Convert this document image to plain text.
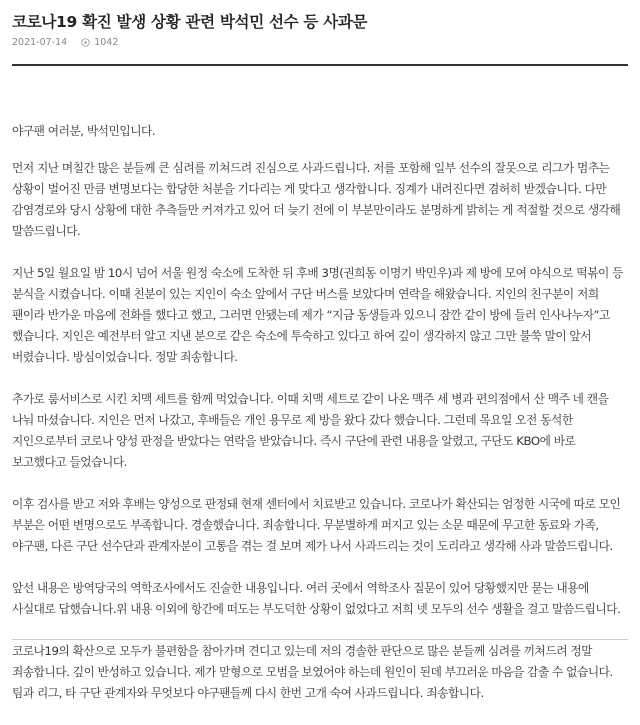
코로나19 확진 발생 상황 관련 박석민 선수 등 사과문
2021-07-14	1042

야구팬 여러분, 박석민입니다.

먼저 지난 며칠간 많은 분들께 큰 심려를 끼쳐드려 진심으로 사과드립니다. 저를 포함해 일부 선수의 잘못으로 리그가 멈추는 상황이 벌어진 만큼 변명보다는 합당한 처분을 기다리는 게 맞다고 생각합니다. 징계가 내려진다면 겸허히 받겠습니다. 다만 감염경로와 당시 상황에 대한 추측들만 커져가고 있어 더 늦기 전에 이 부분만이라도 분명하게 밝히는 게 적절할 것으로 생각해 말씀드립니다.

지난 5일 월요일 밤 10시 넘어 서울 원정 숙소에 도착한 뒤 후배 3명(권희동 이명기 박민우)과 제 방에 모여 야식으로 떡볶이 등 분식을 시켰습니다. 이때 친분이 있는 지인이 숙소 앞에서 구단 버스를 보았다며 연락을 해왔습니다. 지인의 친구분이 저희 팬이라 반가운 마음에 전화를 했다고 했고, 그러면 안됐는데 제가 “지금 동생들과 있으니 잠깐 같이 방에 들러 인사나누자”고 했습니다. 지인은 예전부터 알고 지낸 분으로 같은 숙소에 투숙하고 있다고 하여 깊이 생각하지 않고 그만 불쑥 말이 앞서 버렸습니다. 방심이었습니다. 정말 죄송합니다.

추가로 룸서비스로 시킨 치맥 세트를 함께 먹었습니다. 이때 치맥 세트로 같이 나온 맥주 세 병과 편의점에서 산 맥주 네 캔을 나눠 마셨습니다. 지인은 먼저 나갔고, 후배들은 개인 용무로 제 방을 왔다 갔다 했습니다. 그런데 목요일 오전 동석한 지인으로부터 코로나 양성 판정을 받았다는 연락을 받았습니다. 즉시 구단에 관련 내용을 알렸고, 구단도 KBO에 바로 보고했다고 들었습니다.

이후 검사를 받고 저와 후배는 양성으로 판정돼 현재 센터에서 치료받고 있습니다. 코로나가 확산되는 엄정한 시국에 따로 모인 부분은 어떤 변명으로도 부족합니다. 경솔했습니다. 죄송합니다. 무분별하게 퍼지고 있는 소문 때문에 무고한 동료와 가족, 야구팬, 다른 구단 선수단과 관계자분이 고통을 겪는 걸 보며 제가 나서 사과드리는 것이 도리라고 생각해 사과 말씀드립니다.

앞선 내용은 방역당국의 역학조사에서도 진술한 내용입니다. 여러 곳에서 역학조사 질문이 있어 당황했지만 묻는 내용에 사실대로 답했습니다.위 내용 이외에 항간에 떠도는 부도덕한 상황이 없었다고 저희 넷 모두의 선수 생활을 걸고 말씀드립니다.

코로나19의 확산으로 모두가 불편함을 참아가며 견디고 있는데 저의 경솔한 판단으로 많은 분들께 심려를 끼쳐드려 정말 죄송합니다. 깊이 반성하고 있습니다. 제가 맏형으로 모범을 보였어야 하는데 원인이 된데 부끄러운 마음을 감출 수 없습니다. 팀과 리그, 타 구단 관계자와 무엇보다 야구팬들께 다시 한번 고개 숙여 사과드립니다. 죄송합니다.
